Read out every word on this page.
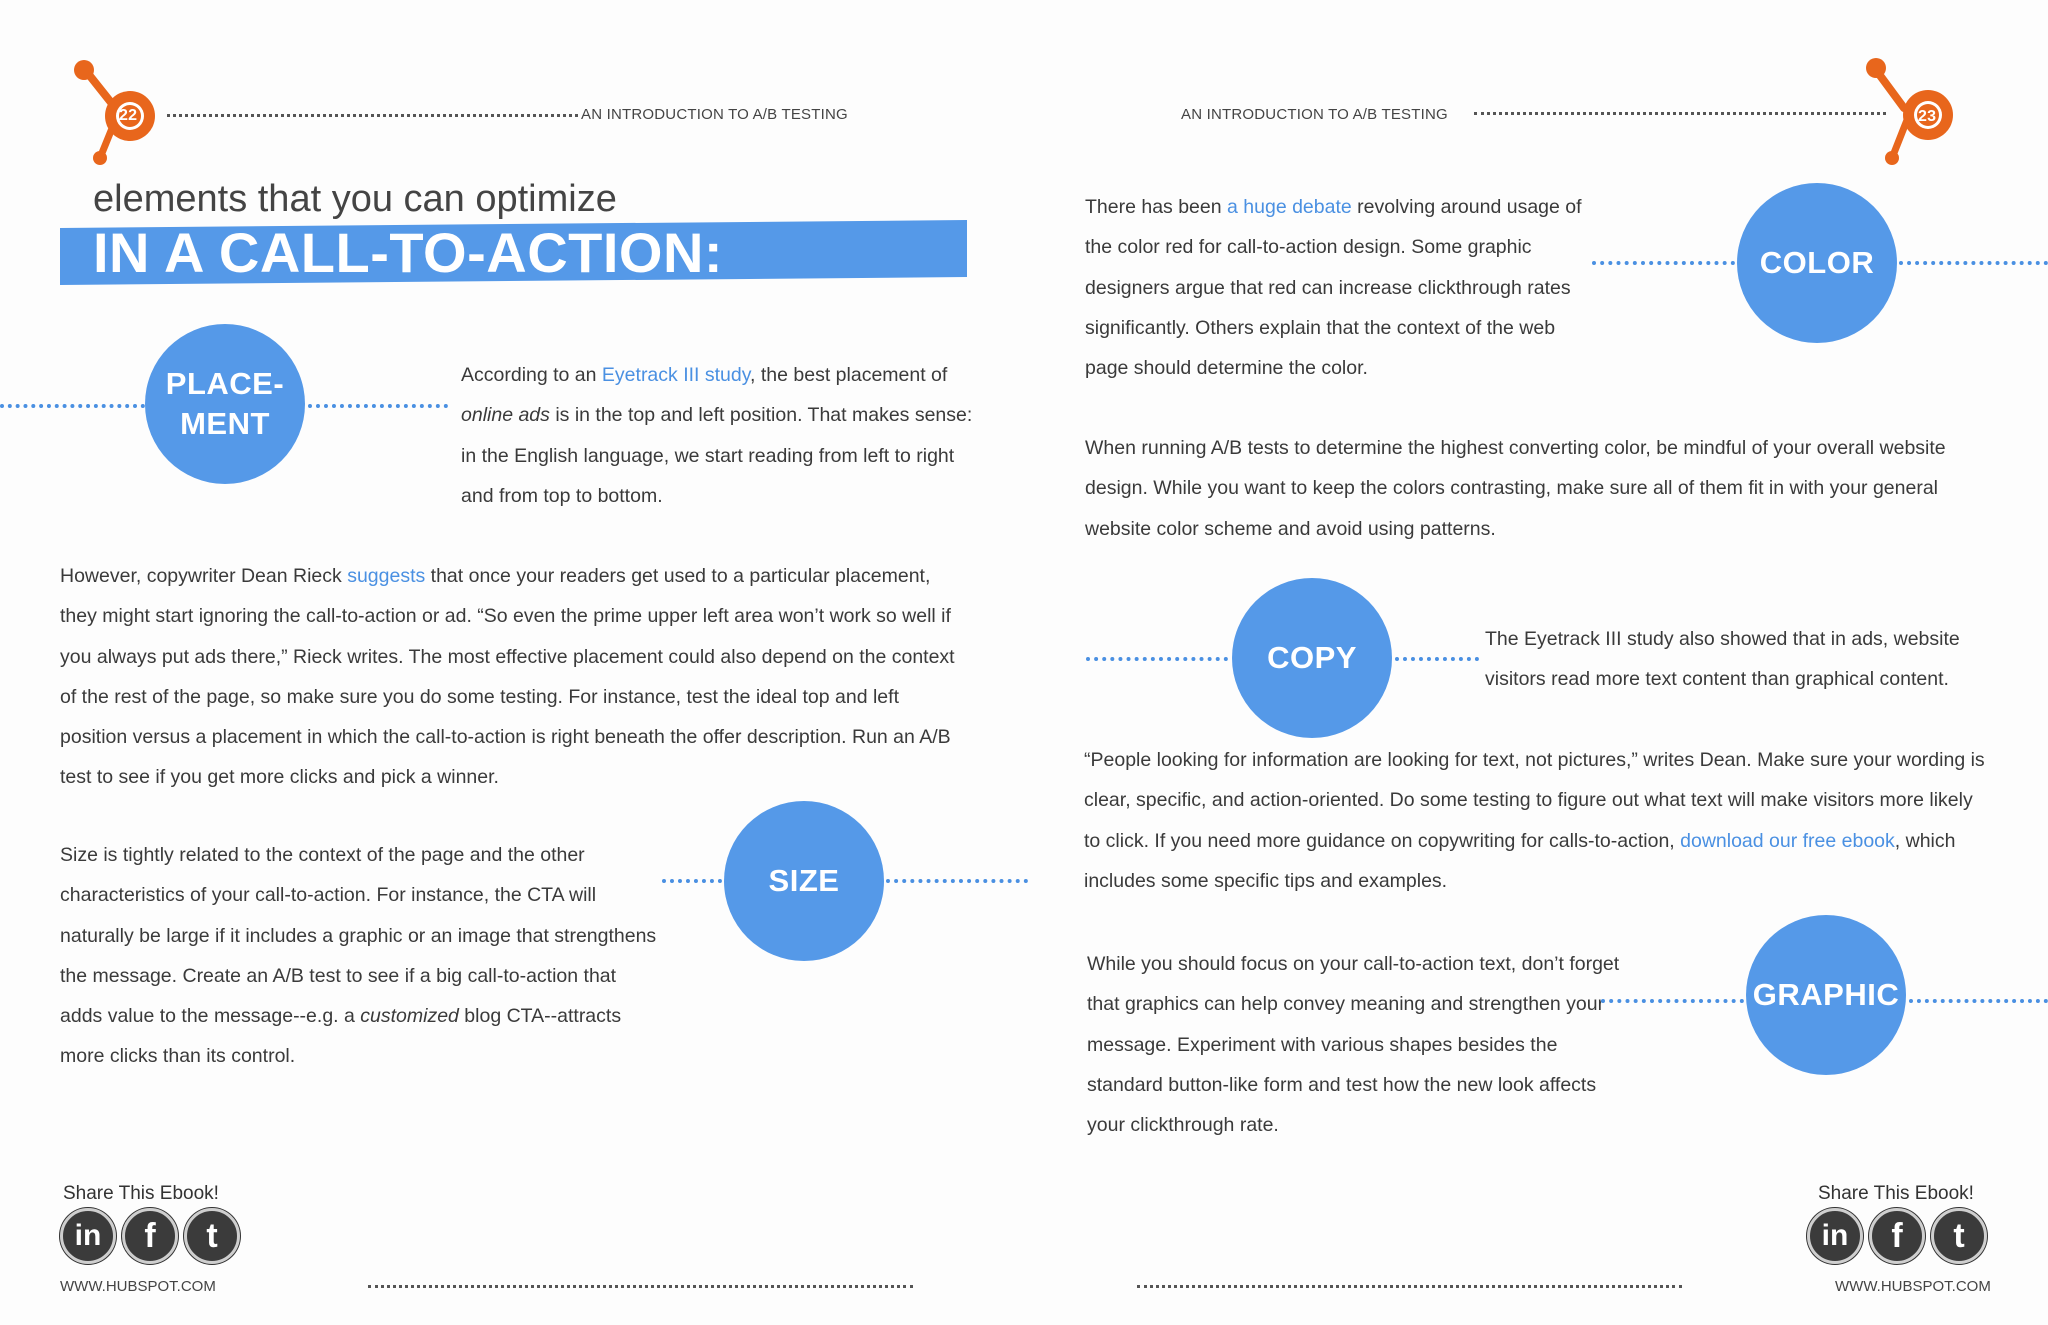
22	AN INTRODUCTION TO A/B TESTING	AN INTRODUCTION TO A/B TESTING	23
elements that you can optimize
IN A CALL-TO-ACTION:
PLACE-
MENT

According to an Eyetrack III study, the best placement of online ads is in the top and left position. That makes sense: in the English language, we start reading from left to right and from top to bottom.

However, copywriter Dean Rieck suggests that once your readers get used to a particular placement, they might start ignoring the call-to-action or ad. “So even the prime upper left area won’t work so well if you always put ads there,” Rieck writes. The most effective placement could also depend on the context of the rest of the page, so make sure you do some testing. For instance, test the ideal top and left position versus a placement in which the call-to-action is right beneath the offer description. Run an A/B test to see if you get more clicks and pick a winner.

Size is tightly related to the context of the page and the other characteristics of your call-to-action. For instance, the CTA will naturally be large if it includes a graphic or an image that strengthens the message. Create an A/B test to see if a big call-to-action that adds value to the message--e.g. a customized blog CTA--attracts more clicks than its control.

SIZE

There has been a huge debate revolving around usage of the color red for call-to-action design. Some graphic designers argue that red can increase clickthrough rates significantly. Others explain that the context of the web page should determine the color.

COLOR
When running A/B tests to determine the highest converting color, be mindful of your overall website design. While you want to keep the colors contrasting, make sure all of them fit in with your general website color scheme and avoid using patterns.
COPY
The Eyetrack III study also showed that in ads, website visitors read more text content than graphical content.

“People looking for information are looking for text, not pictures,” writes Dean. Make sure your wording is clear, specific, and action-oriented. Do some testing to figure out what text will make visitors more likely to click. If you need more guidance on copywriting for calls-to-action, download our free ebook, which includes some specific tips and examples.

While you should focus on your call-to-action text, don’t forget that graphics can help convey meaning and strengthen your message. Experiment with various shapes besides the standard button-like form and test how the new look affects your clickthrough rate.
GRAPHIC
Share This Ebook!
in	f	t
WWW.HUBSPOT.COM
Share This Ebook!
in	f	t
WWW.HUBSPOT.COM
